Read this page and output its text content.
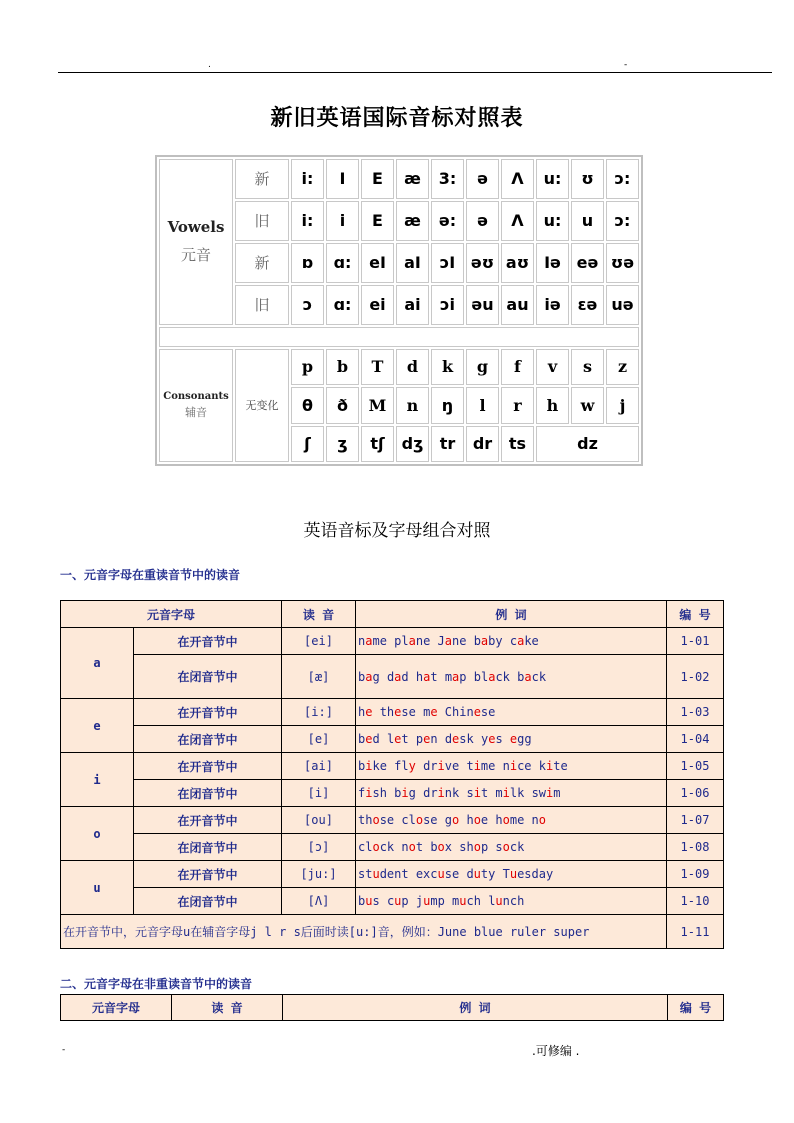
.	-
新旧英语国际音标对照表
Vowels
元音	新	i:	I	E	æ	3:	ə	Λ	u:	ʊ	ɔ:
	旧	i:	i	E	æ	ə:	ə	Λ	u:	u	ɔ:
	新	ɒ	ɑ:	eI	aI	ɔI	əʊ	aʊ	Iə	eə	ʊə
	旧	ɔ	ɑ:	ei	ai	ɔi	əu	au	iə	ɛə	uə

Consonants
辅音	无变化	p	b	T	d	k	g	f	v	s	z
		θ	ð	M	n	ŋ	l	r	h	w	j
		ʃ	ʒ	tʃ	dʒ	tr	dr	ts	dz		
英语音标及字母组合对照
一、元音字母在重读音节中的读音
元音字母		读 音	例 词	编 号
a	在开音节中	[ei]	name plane Jane baby cake	1-01
	在闭音节中	[æ]	bag dad hat map black back	1-02
e	在开音节中	[i:]	he these me Chinese	1-03
	在闭音节中	[e]	bed let pen desk yes egg	1-04
i	在开音节中	[ai]	bike fly drive time nice kite	1-05
	在闭音节中	[i]	fish big drink sit milk swim	1-06
o	在开音节中	[ou]	those close go hoe home no	1-07
	在闭音节中	[ɔ]	clock not box shop sock	1-08
u	在开音节中	[ju:]	student excuse duty Tuesday	1-09
	在闭音节中	[Λ]	bus cup jump much lunch	1-10
在开音节中，元音字母u在辅音字母j l r s后面时读[u:]音，例如：June blue ruler super				1-11
二、元音字母在非重读音节中的读音
元音字母	读 音	例 词	编 号
-	.可修编 .
